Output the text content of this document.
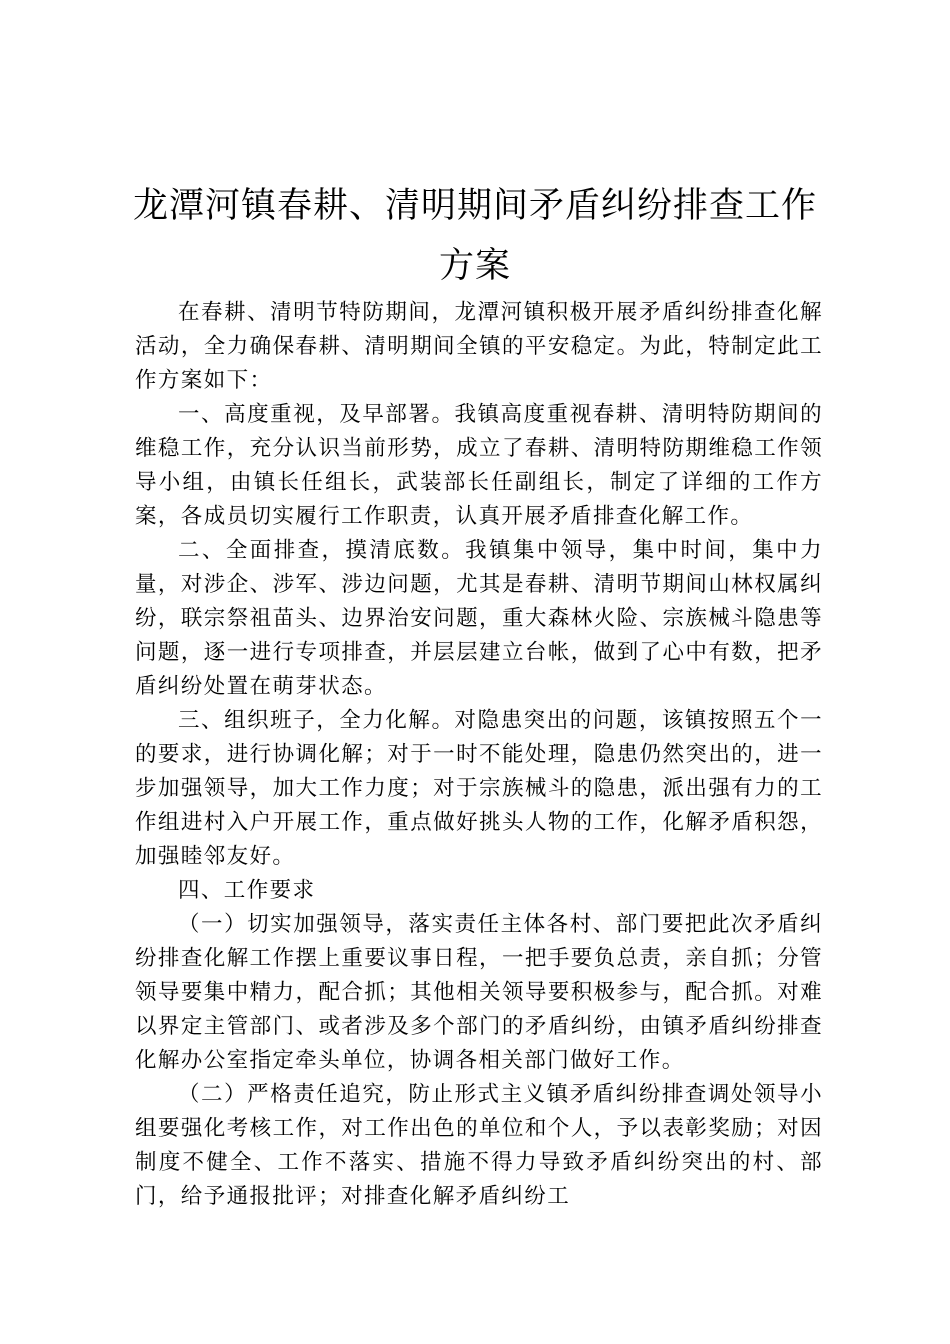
龙潭河镇春耕、清明期间矛盾纠纷排查工作
方案

在春耕、清明节特防期间，龙潭河镇积极开展矛盾纠纷排查化解活动，全力确保春耕、清明期间全镇的平安稳定。为此，特制定此工作方案如下：

一、高度重视，及早部署。我镇高度重视春耕、清明特防期间的维稳工作，充分认识当前形势，成立了春耕、清明特防期维稳工作领导小组，由镇长任组长，武装部长任副组长，制定了详细的工作方案，各成员切实履行工作职责，认真开展矛盾排查化解工作。

二、全面排查，摸清底数。我镇集中领导，集中时间，集中力量，对涉企、涉军、涉边问题，尤其是春耕、清明节期间山林权属纠纷，联宗祭祖苗头、边界治安问题，重大森林火险、宗族械斗隐患等问题，逐一进行专项排查，并层层建立台帐，做到了心中有数，把矛盾纠纷处置在萌芽状态。

三、组织班子，全力化解。对隐患突出的问题，该镇按照五个一的要求，进行协调化解；对于一时不能处理，隐患仍然突出的，进一步加强领导，加大工作力度；对于宗族械斗的隐患，派出强有力的工作组进村入户开展工作，重点做好挑头人物的工作，化解矛盾积怨，加强睦邻友好。

四、工作要求

（一）切实加强领导，落实责任主体各村、部门要把此次矛盾纠纷排查化解工作摆上重要议事日程，一把手要负总责，亲自抓；分管领导要集中精力，配合抓；其他相关领导要积极参与，配合抓。对难以界定主管部门、或者涉及多个部门的矛盾纠纷，由镇矛盾纠纷排查化解办公室指定牵头单位，协调各相关部门做好工作。

（二）严格责任追究，防止形式主义镇矛盾纠纷排查调处领导小组要强化考核工作，对工作出色的单位和个人，予以表彰奖励；对因制度不健全、工作不落实、措施不得力导致矛盾纠纷突出的村、部门，给予通报批评；对排查化解矛盾纠纷工
